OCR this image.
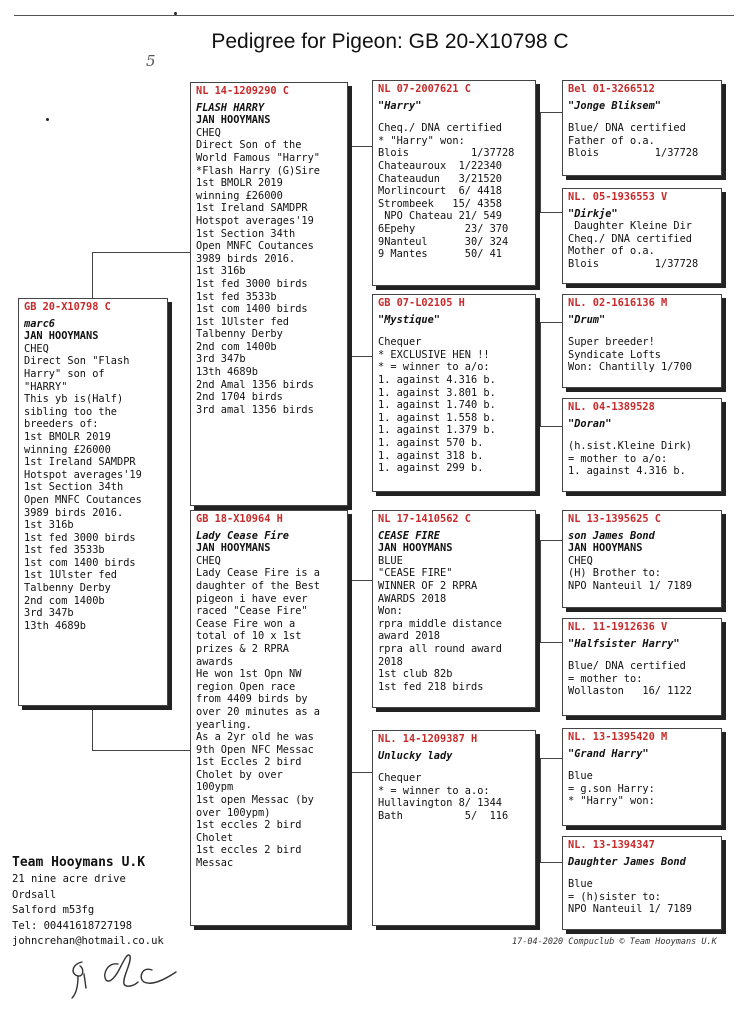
Pedigree for Pigeon: GB 20-X10798 C
5
GB 20-X10798 C
marc6
JAN HOOYMANS
CHEQ
Direct Son "Flash
Harry" son of
"HARRY"
This yb is(Half)
sibling too the
breeders of:
1st BMOLR 2019
winning £26000
1st Ireland SAMDPR
Hotspot averages'19
1st Section 34th
Open MNFC Coutances
3989 birds 2016.
1st 316b
1st fed 3000 birds
1st fed 3533b
1st com 1400 birds
1st 1Ulster fed
Talbenny Derby
2nd com 1400b
3rd 347b
13th 4689b
NL 14-1209290 C
FLASH HARRY
JAN HOOYMANS
CHEQ
Direct Son of the
World Famous "Harry"
*Flash Harry (G)Sire
1st BMOLR 2019
winning £26000
1st Ireland SAMDPR
Hotspot averages'19
1st Section 34th
Open MNFC Coutances
3989 birds 2016.
1st 316b
1st fed 3000 birds
1st fed 3533b
1st com 1400 birds
1st 1Ulster fed
Talbenny Derby
2nd com 1400b
3rd 347b
13th 4689b
2nd Amal 1356 birds
2nd 1704 birds
3rd amal 1356 birds
GB 18-X10964 H
Lady Cease Fire
JAN HOOYMANS
CHEQ
Lady Cease Fire is a
daughter of the Best
pigeon i have ever
raced "Cease Fire"
Cease Fire won a
total of 10 x 1st
prizes & 2 RPRA
awards
He won 1st Opn NW
region Open race
from 4409 birds by
over 20 minutes as a
yearling.
As a 2yr old he was
9th Open NFC Messac
1st Eccles 2 bird
Cholet by over
100ypm
1st open Messac (by
over 100ypm)
1st eccles 2 bird
Cholet
1st eccles 2 bird
Messac
NL 07-2007621 C
"Harry"
Cheq./ DNA certified
* "Harry" won:
Blois          1/37728
Chateauroux  1/22340
Chateaudun   3/21520
Morlincourt  6/ 4418
Strombeek   15/ 4358
NPO Chateau 21/ 549
6Epehy        23/ 370
9Nanteul      30/ 324
9 Mantes      50/ 41
GB 07-L02105 H
"Mystique"
Chequer
* EXCLUSIVE HEN !!
* = winner to a/o:
1. against 4.316 b.
1. against 3.801 b.
1. against 1.740 b.
1. against 1.558 b.
1. against 1.379 b.
1. against 570 b.
1. against 318 b.
1. against 299 b.
NL 17-1410562 C
CEASE FIRE
JAN HOOYMANS
BLUE
"CEASE FIRE"
WINNER OF 2 RPRA
AWARDS 2018
Won:
rpra middle distance
award 2018
rpra all round award
2018
1st club 82b
1st fed 218 birds
NL. 14-1209387 H
Unlucky lady
Chequer
* = winner to a.o:
Hullavington 8/ 1344
Bath          5/  116
Bel 01-3266512
"Jonge Bliksem"
Blue/ DNA certified
Father of o.a.
Blois         1/37728
NL. 05-1936553 V
"Dirkje"
Daughter Kleine Dir
Cheq./ DNA certified
Mother of o.a.
Blois         1/37728
NL. 02-1616136 M
"Drum"
Super breeder!
Syndicate Lofts
Won: Chantilly 1/700
NL. 04-1389528
"Doran"
(h.sist.Kleine Dirk)
= mother to a/o:
1. against 4.316 b.
NL 13-1395625 C
son James Bond
JAN HOOYMANS
CHEQ
(H) Brother to:
NPO Nanteuil 1/ 7189
NL. 11-1912636 V
"Halfsister Harry"
Blue/ DNA certified
= mother to:
Wollaston   16/ 1122
NL. 13-1395420 M
"Grand Harry"
Blue
= g.son Harry:
* "Harry" won:
NL. 13-1394347
Daughter James Bond
Blue
= (h)sister to:
NPO Nanteuil 1/ 7189
Team Hooymans U.K
21 nine acre drive
Ordsall
Salford m53fg
Tel: 00441618727198
johncrehan@hotmail.co.uk	17-04-2020 Compuclub © Team Hooymans U.K
